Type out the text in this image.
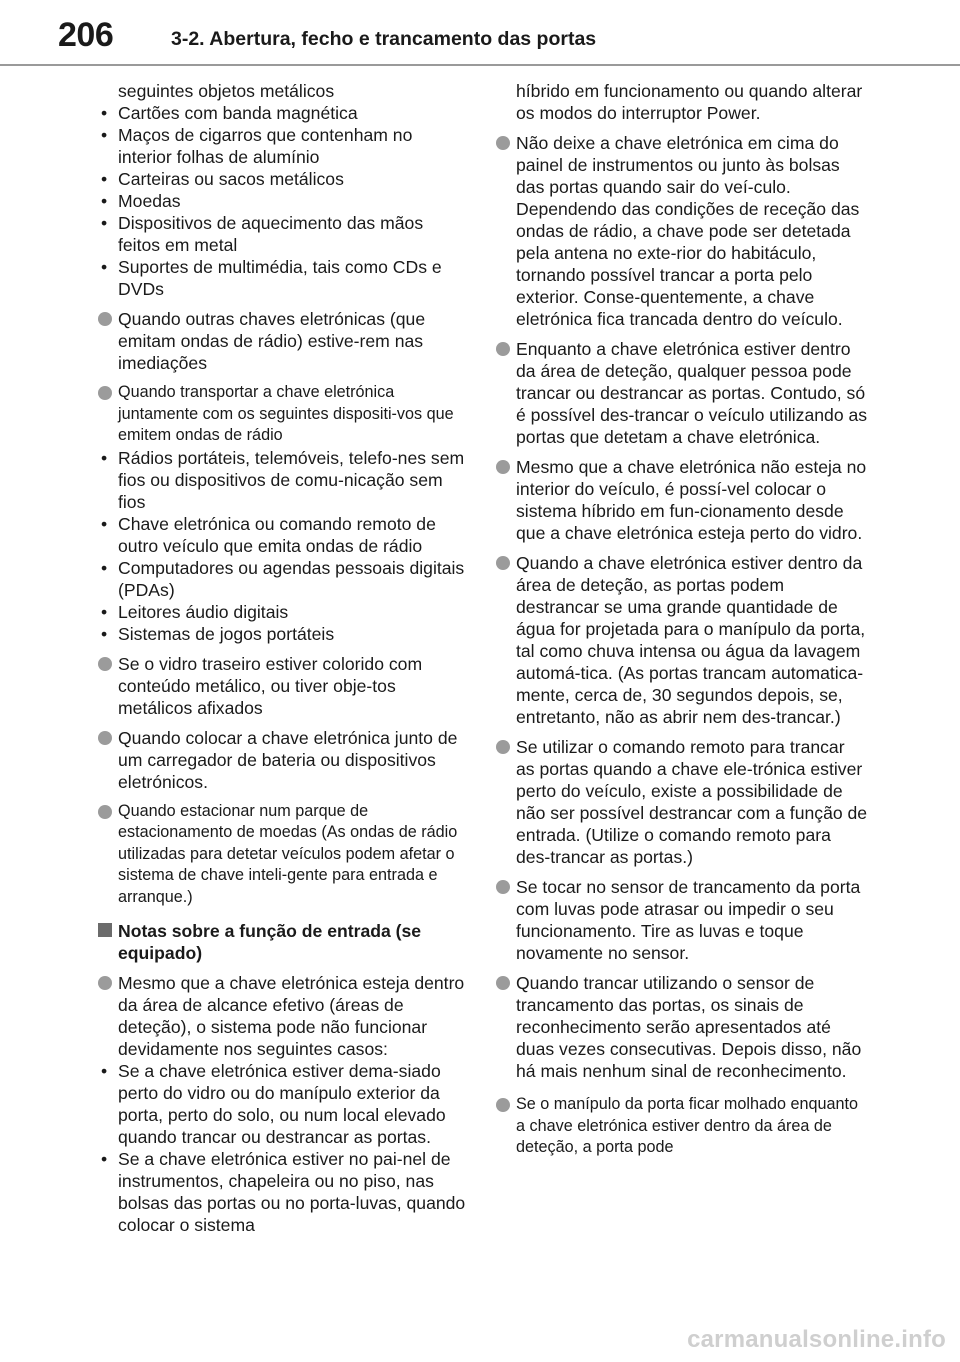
206	3-2. Abertura, fecho e trancamento das portas
seguintes objetos metálicos
• Cartões com banda magnética
• Maços de cigarros que contenham no interior folhas de alumínio
• Carteiras ou sacos metálicos
• Moedas
• Dispositivos de aquecimento das mãos feitos em metal
• Suportes de multimédia, tais como CDs e DVDs
Quando outras chaves eletrónicas (que emitam ondas de rádio) estive-rem nas imediações
Quando transportar a chave eletrónica juntamente com os seguintes dispositi-vos que emitem ondas de rádio
• Rádios portáteis, telemóveis, telefo-nes sem fios ou dispositivos de comu-nicação sem fios
• Chave eletrónica ou comando remoto de outro veículo que emita ondas de rádio
• Computadores ou agendas pessoais digitais (PDAs)
• Leitores áudio digitais
• Sistemas de jogos portáteis
Se o vidro traseiro estiver colorido com conteúdo metálico, ou tiver obje-tos metálicos afixados
Quando colocar a chave eletrónica junto de um carregador de bateria ou dispositivos eletrónicos.
Quando estacionar num parque de estacionamento de moedas (As ondas de rádio utilizadas para detetar veículos podem afetar o sistema de chave inteli-gente para entrada e arranque.)
Notas sobre a função de entrada (se equipado)
Mesmo que a chave eletrónica esteja dentro da área de alcance efetivo (áreas de deteção), o sistema pode não funcionar devidamente nos seguintes casos:
• Se a chave eletrónica estiver dema-siado perto do vidro ou do manípulo exterior da porta, perto do solo, ou num local elevado quando trancar ou destrancar as portas.
• Se a chave eletrónica estiver no pai-nel de instrumentos, chapeleira ou no piso, nas bolsas das portas ou no porta-luvas, quando colocar o sistema
híbrido em funcionamento ou quando alterar os modos do interruptor Power.
Não deixe a chave eletrónica em cima do painel de instrumentos ou junto às bolsas das portas quando sair do veí-culo. Dependendo das condições de receção das ondas de rádio, a chave pode ser detetada pela antena no exte-rior do habitáculo, tornando possível trancar a porta pelo exterior. Conse-quentemente, a chave eletrónica fica trancada dentro do veículo.
Enquanto a chave eletrónica estiver dentro da área de deteção, qualquer pessoa pode trancar ou destrancar as portas. Contudo, só é possível des-trancar o veículo utilizando as portas que detetam a chave eletrónica.
Mesmo que a chave eletrónica não esteja no interior do veículo, é possí-vel colocar o sistema híbrido em fun-cionamento desde que a chave eletrónica esteja perto do vidro.
Quando a chave eletrónica estiver dentro da área de deteção, as portas podem destrancar se uma grande quantidade de água for projetada para o manípulo da porta, tal como chuva intensa ou água da lavagem automá-tica. (As portas trancam automatica-mente, cerca de, 30 segundos depois, se, entretanto, não as abrir nem des-trancar.)
Se utilizar o comando remoto para trancar as portas quando a chave ele-trónica estiver perto do veículo, existe a possibilidade de não ser possível destrancar com a função de entrada. (Utilize o comando remoto para des-trancar as portas.)
Se tocar no sensor de trancamento da porta com luvas pode atrasar ou impedir o seu funcionamento. Tire as luvas e toque novamente no sensor.
Quando trancar utilizando o sensor de trancamento das portas, os sinais de reconhecimento serão apresentados até duas vezes consecutivas. Depois disso, não há mais nenhum sinal de reconhecimento.
Se o manípulo da porta ficar molhado enquanto a chave eletrónica estiver dentro da área de deteção, a porta pode
carmanualsonline.info
